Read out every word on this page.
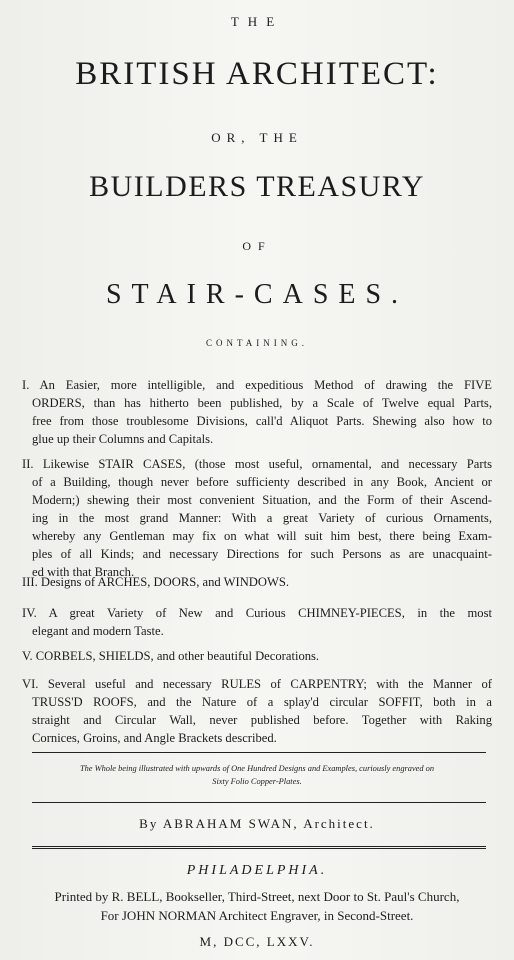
THE
BRITISH ARCHITECT:
OR, THE
BUILDERS TREASURY
OF
STAIR-CASES.
CONTAINING.
I. An Easier, more intelligible, and expeditious Method of drawing the FIVE
ORDERS, than has hitherto been published, by a Scale of Twelve equal Parts,
free from those troublesome Divisions, call'd Aliquot Parts. Shewing also how to
glue up their Columns and Capitals.
II. Likewise STAIR CASES, (those most useful, ornamental, and necessary Parts
of a Building, though never before sufficienty described in any Book, Ancient or
Modern;) shewing their most convenient Situation, and the Form of their Ascend-
ing in the most grand Manner: With a great Variety of curious Ornaments,
whereby any Gentleman may fix on what will suit him best, there being Exam-
ples of all Kinds; and necessary Directions for such Persons as are unacquaint-
ed with that Branch.
III. Designs of ARCHES, DOORS, and WINDOWS.
IV. A great Variety of New and Curious CHIMNEY-PIECES, in the most
elegant and modern Taste.
V. CORBELS, SHIELDS, and other beautiful Decorations.
VI. Several useful and necessary RULES of CARPENTRY; with the Manner of
TRUSS'D ROOFS, and the Nature of a splay'd circular SOFFIT, both in a
straight and Circular Wall, never published before. Together with Raking
Cornices, Groins, and Angle Brackets described.
The Whole being illustrated with upwards of One Hundred Designs and Examples, curiously engraved on
Sixty Folio Copper-Plates.
By ABRAHAM SWAN, Architect.
PHILADELPHIA.
Printed by R. BELL, Bookseller, Third-Street, next Door to St. Paul's Church,
For JOHN NORMAN Architect Engraver, in Second-Street.
M, DCC, LXXV.
